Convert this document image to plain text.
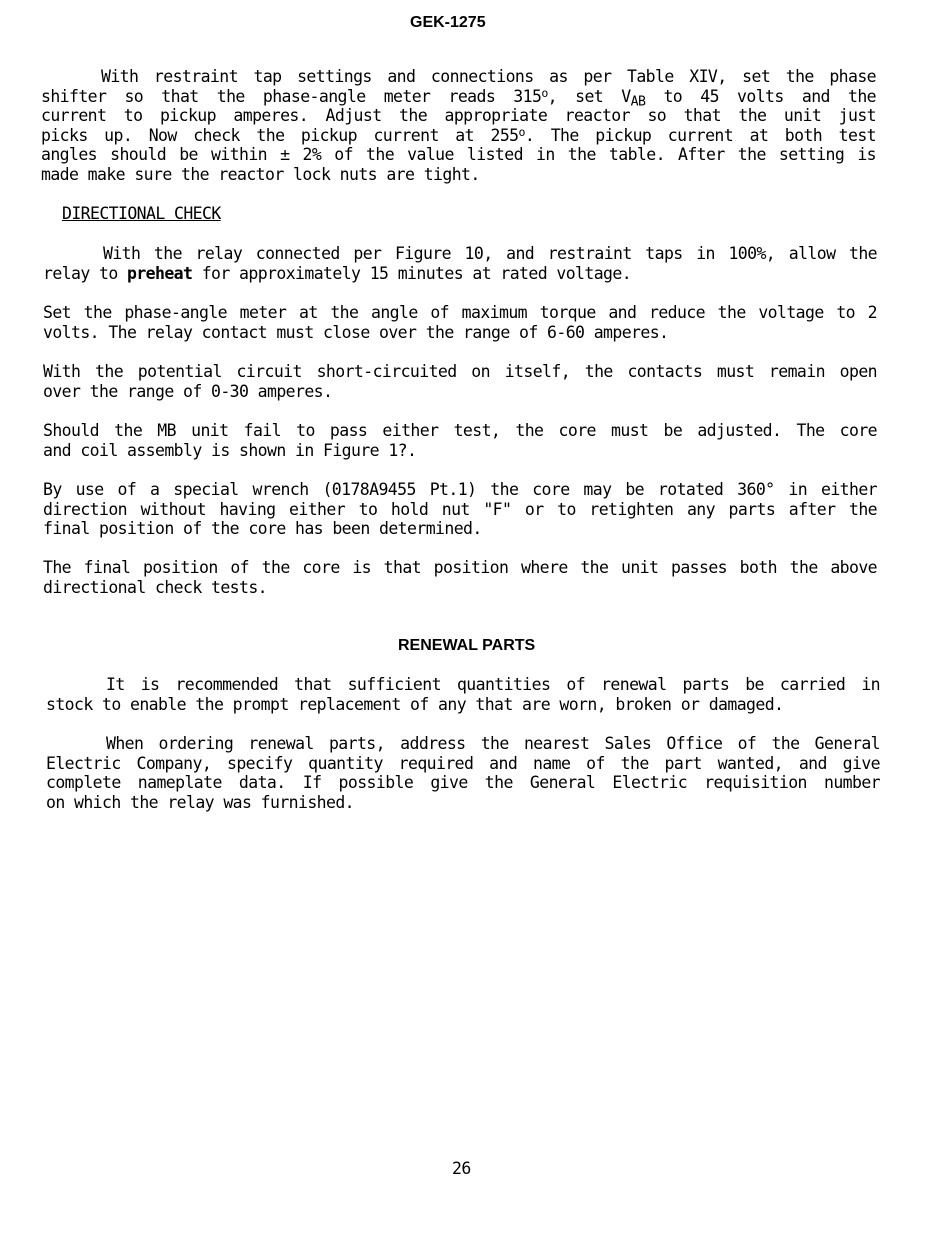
GEK-1275
With restraint tap settings and connections as per Table XIV, set the phase
shifter so that the phase-angle meter reads 315$^o$, set $V_{AB}$ to 45 volts and the
current to pickup amperes. Adjust the appropriate reactor so that the unit just
picks up. Now check the pickup current at 255$^o$. The pickup current at both test
angles should be within ± 2% of the value listed in the table. After the setting is
made make sure the reactor lock nuts are tight.
DIRECTIONAL CHECK
With the relay connected per Figure 10, and restraint taps in 100%, allow the
relay to preheat for approximately 15 minutes at rated voltage.
Set the phase-angle meter at the angle of maximum torque and reduce the voltage to 2
volts. The relay contact must close over the range of 6-60 amperes.
With the potential circuit short-circuited on itself, the contacts must remain open
over the range of 0-30 amperes.
Should the MB unit fail to pass either test, the core must be adjusted. The core
and coil assembly is shown in Figure 1?.
By use of a special wrench (0178A9455 Pt.1) the core may be rotated 360° in either
direction without having either to hold nut "F" or to retighten any parts after the
final position of the core has been determined.
The final position of the core is that position where the unit passes both the above
directional check tests.
RENEWAL PARTS
It is recommended that sufficient quantities of renewal parts be carried in
stock to enable the prompt replacement of any that are worn, broken or damaged.
When ordering renewal parts, address the nearest Sales Office of the General
Electric Company, specify quantity required and name of the part wanted, and give
complete nameplate data. If possible give the General Electric requisition number
on which the relay was furnished.
26
